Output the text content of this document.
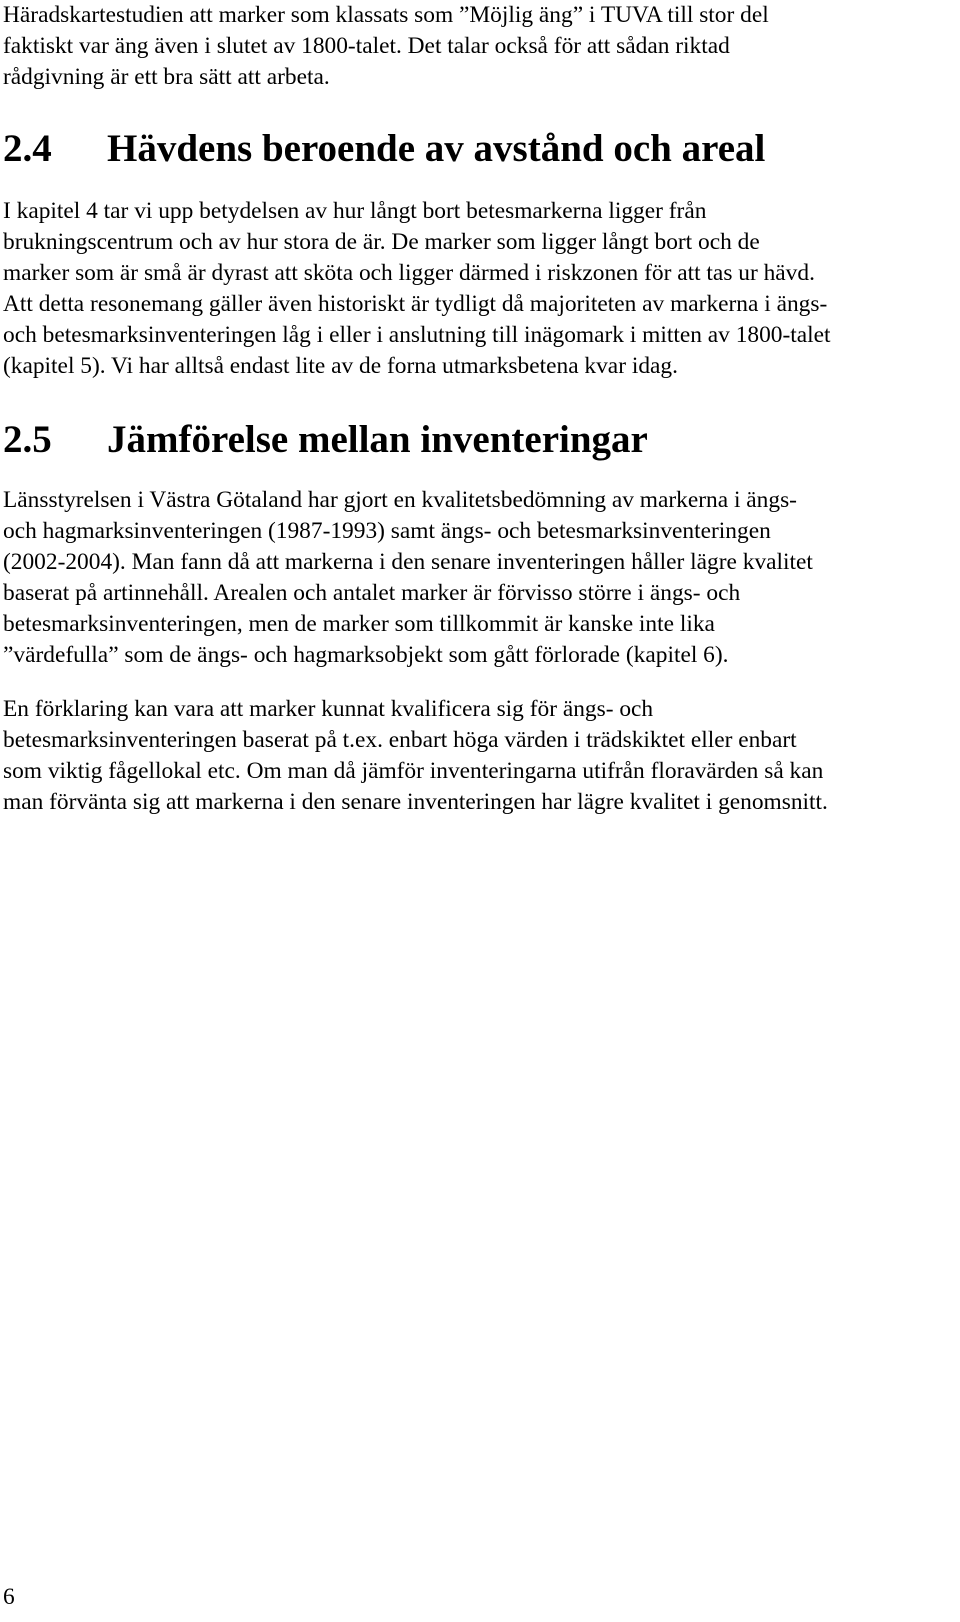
Häradskartestudien att marker som klassats som ”Möjlig äng” i TUVA till stor del
faktiskt var äng även i slutet av 1800-talet. Det talar också för att sådan riktad
rådgivning är ett bra sätt att arbeta.

2.4 Hävdens beroende av avstånd och areal

I kapitel 4 tar vi upp betydelsen av hur långt bort betesmarkerna ligger från
brukningscentrum och av hur stora de är. De marker som ligger långt bort och de
marker som är små är dyrast att sköta och ligger därmed i riskzonen för att tas ur hävd.
Att detta resonemang gäller även historiskt är tydligt då majoriteten av markerna i ängs-
och betesmarksinventeringen låg i eller i anslutning till inägomark i mitten av 1800-talet
(kapitel 5). Vi har alltså endast lite av de forna utmarksbetena kvar idag.

2.5 Jämförelse mellan inventeringar

Länsstyrelsen i Västra Götaland har gjort en kvalitetsbedömning av markerna i ängs-
och hagmarksinventeringen (1987-1993) samt ängs- och betesmarksinventeringen
(2002-2004). Man fann då att markerna i den senare inventeringen håller lägre kvalitet
baserat på artinnehåll. Arealen och antalet marker är förvisso större i ängs- och
betesmarksinventeringen, men de marker som tillkommit är kanske inte lika
”värdefulla” som de ängs- och hagmarksobjekt som gått förlorade (kapitel 6).

En förklaring kan vara att marker kunnat kvalificera sig för ängs- och
betesmarksinventeringen baserat på t.ex. enbart höga värden i trädskiktet eller enbart
som viktig fågellokal etc. Om man då jämför inventeringarna utifrån floravärden så kan
man förvänta sig att markerna i den senare inventeringen har lägre kvalitet i genomsnitt.

6
